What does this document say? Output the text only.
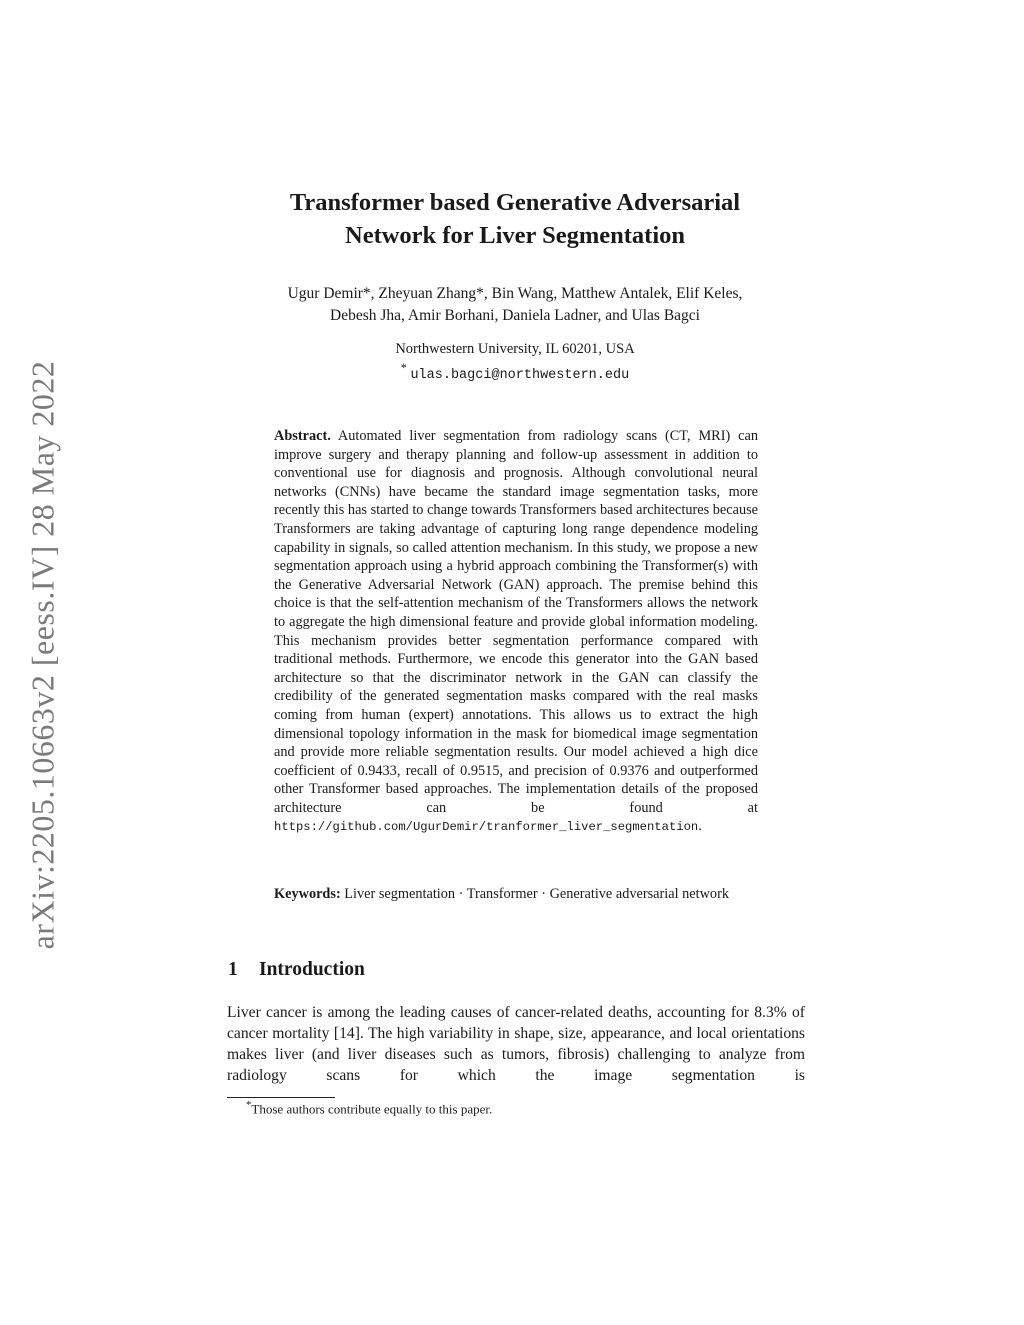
arXiv:2205.10663v2 [eess.IV] 28 May 2022
Transformer based Generative Adversarial
Network for Liver Segmentation
Ugur Demir*, Zheyuan Zhang*, Bin Wang, Matthew Antalek, Elif Keles,
Debesh Jha, Amir Borhani, Daniela Ladner, and Ulas Bagci
Northwestern University, IL 60201, USA
* ulas.bagci@northwestern.edu
Abstract. Automated liver segmentation from radiology scans (CT, MRI) can improve surgery and therapy planning and follow-up assessment in addition to conventional use for diagnosis and prognosis. Although convolutional neural networks (CNNs) have became the standard image segmentation tasks, more recently this has started to change towards Transformers based architectures because Transformers are taking advantage of capturing long range dependence modeling capability in signals, so called attention mechanism. In this study, we propose a new segmentation approach using a hybrid approach combining the Transformer(s) with the Generative Adversarial Network (GAN) approach. The premise behind this choice is that the self-attention mechanism of the Transformers allows the network to aggregate the high dimensional feature and provide global information modeling. This mechanism provides better segmentation performance compared with traditional methods. Furthermore, we encode this generator into the GAN based architecture so that the discriminator network in the GAN can classify the credibility of the generated segmentation masks compared with the real masks coming from human (expert) annotations. This allows us to extract the high dimensional topology information in the mask for biomedical image segmentation and provide more reliable segmentation results. Our model achieved a high dice coefficient of 0.9433, recall of 0.9515, and precision of 0.9376 and outperformed other Transformer based approaches. The implementation details of the proposed architecture can be found at https://github.com/UgurDemir/tranformer_liver_segmentation.
Keywords: Liver segmentation · Transformer · Generative adversarial network
1 Introduction
Liver cancer is among the leading causes of cancer-related deaths, accounting for 8.3% of cancer mortality [14]. The high variability in shape, size, appearance, and local orientations makes liver (and liver diseases such as tumors, fibrosis) challenging to analyze from radiology scans for which the image segmentation is
*Those authors contribute equally to this paper.
